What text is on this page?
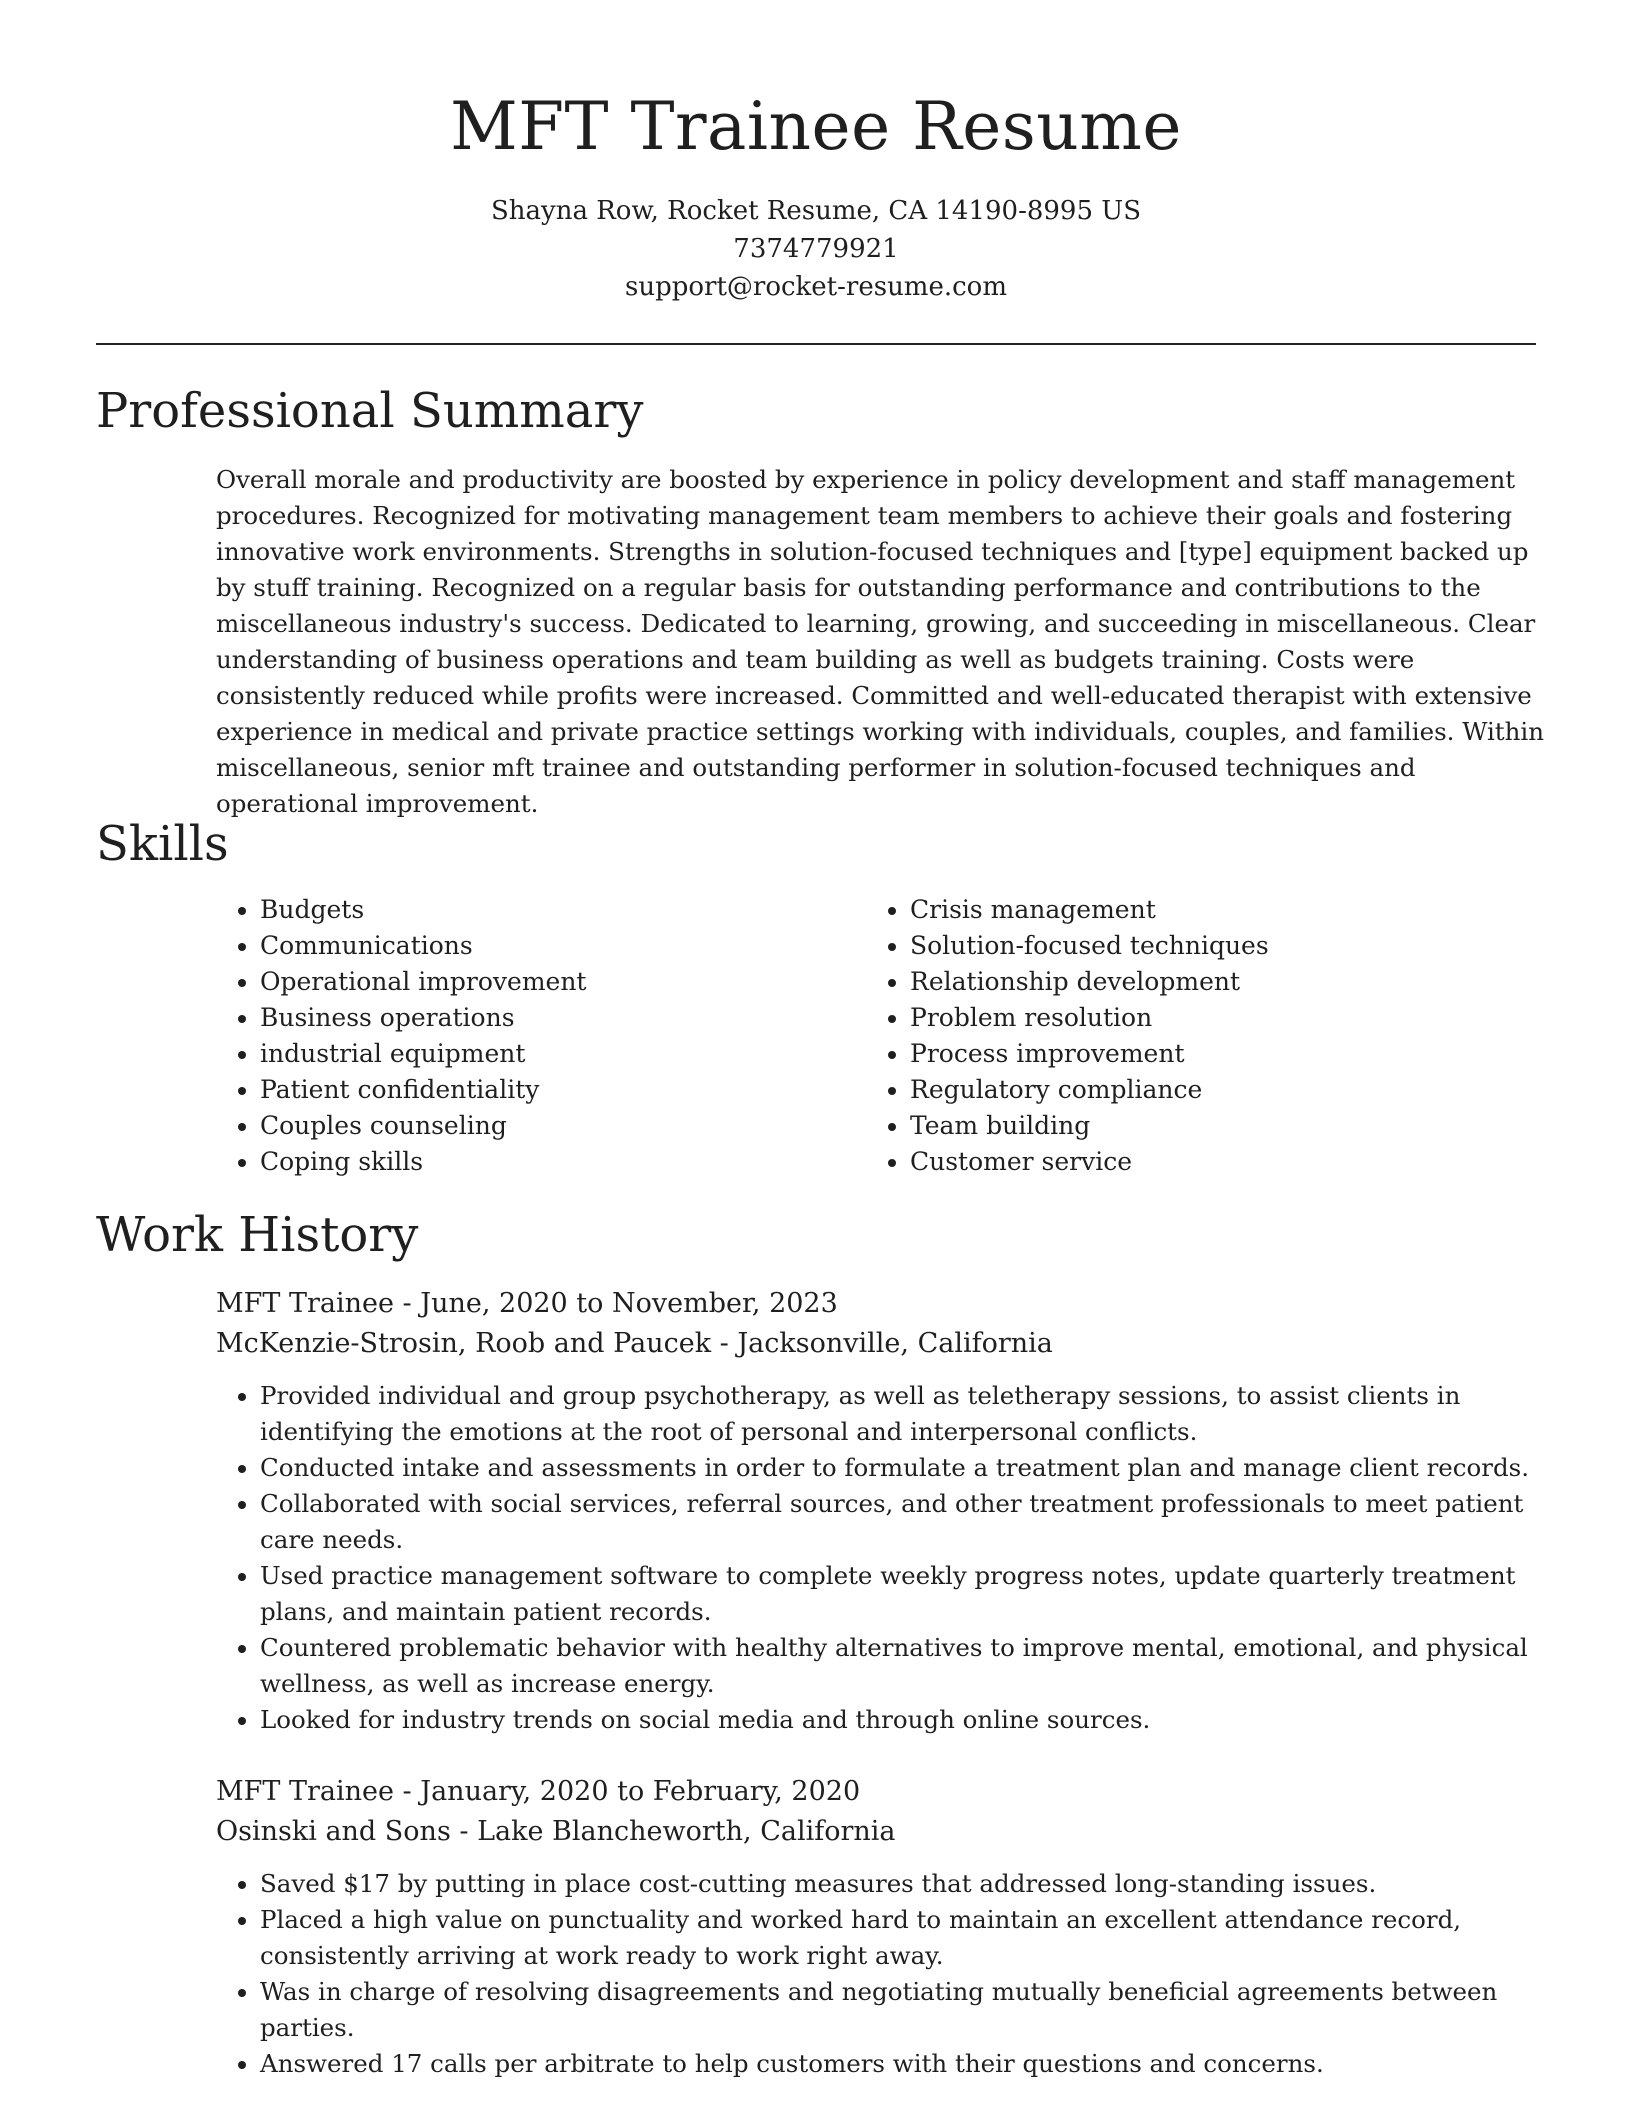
MFT Trainee Resume
Shayna Row, Rocket Resume, CA 14190-8995 US
7374779921
support@rocket-resume.com
Professional Summary

Overall morale and productivity are boosted by experience in policy development and staff management procedures. Recognized for motivating management team members to achieve their goals and fostering innovative work environments. Strengths in solution-focused techniques and [type] equipment backed up by stuff training. Recognized on a regular basis for outstanding performance and contributions to the miscellaneous industry's success. Dedicated to learning, growing, and succeeding in miscellaneous. Clear understanding of business operations and team building as well as budgets training. Costs were consistently reduced while profits were increased. Committed and well-educated therapist with extensive experience in medical and private practice settings working with individuals, couples, and families. Within miscellaneous, senior mft trainee and outstanding performer in solution-focused techniques and operational improvement.

Skills
• Budgets
• Communications
• Operational improvement
• Business operations
• industrial equipment
• Patient confidentiality
• Couples counseling
• Coping skills
• Crisis management
• Solution-focused techniques
• Relationship development
• Problem resolution
• Process improvement
• Regulatory compliance
• Team building
• Customer service
Work History
MFT Trainee - June, 2020 to November, 2023
McKenzie-Strosin, Roob and Paucek - Jacksonville, California
• Provided individual and group psychotherapy, as well as teletherapy sessions, to assist clients in identifying the emotions at the root of personal and interpersonal conflicts.
• Conducted intake and assessments in order to formulate a treatment plan and manage client records.
• Collaborated with social services, referral sources, and other treatment professionals to meet patient care needs.
• Used practice management software to complete weekly progress notes, update quarterly treatment plans, and maintain patient records.
• Countered problematic behavior with healthy alternatives to improve mental, emotional, and physical wellness, as well as increase energy.
• Looked for industry trends on social media and through online sources.
MFT Trainee - January, 2020 to February, 2020
Osinski and Sons - Lake Blancheworth, California
• Saved $17 by putting in place cost-cutting measures that addressed long-standing issues.
• Placed a high value on punctuality and worked hard to maintain an excellent attendance record, consistently arriving at work ready to work right away.
• Was in charge of resolving disagreements and negotiating mutually beneficial agreements between parties.
• Answered 17 calls per arbitrate to help customers with their questions and concerns.
